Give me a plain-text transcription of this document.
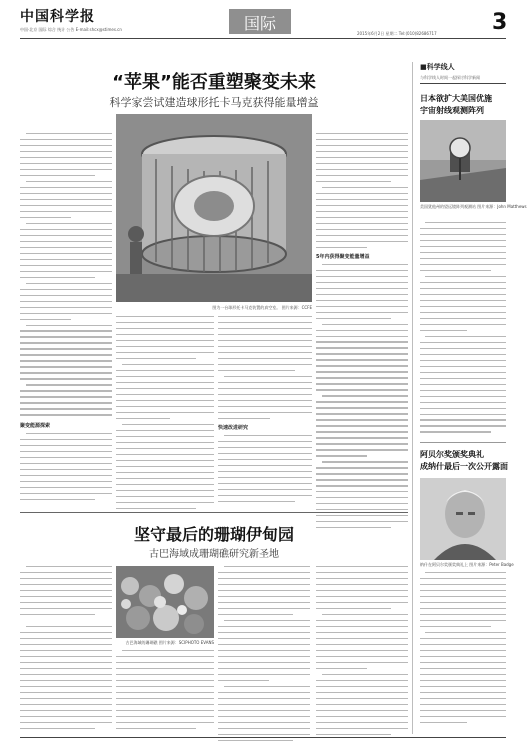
中国科学报
中国·北京 国际 综合 统计 公告 E-mail:shcx@stimes.cn	国际
2015年6月2日 星期二 Tel:(010)82686717	3
“苹果”能否重塑聚变未来
科学家尝试建造球形托卡马克获得能量增益
图为一台球形托卡马克装置的真空室。 图片来源：CCFE
聚变能源探索	快速改进研究
5年内获得聚变能量增益
■科学线人
与科学线人时间一起探讨科学新闻
日本欲扩大美国优施
宇宙射线观测阵列
美国犹他州的望远镜阵列观测站 图片来源：John Matthews
阿贝尔奖颁奖典礼
成纳什最后一次公开露面
纳什在阿贝尔奖颁奖典礼上 图片来源：Peter Badge
坚守最后的珊瑚伊甸园
古巴海域成珊瑚礁研究新圣地
古巴海域的珊瑚礁 图片来源：SCIPHOTO EVANS
